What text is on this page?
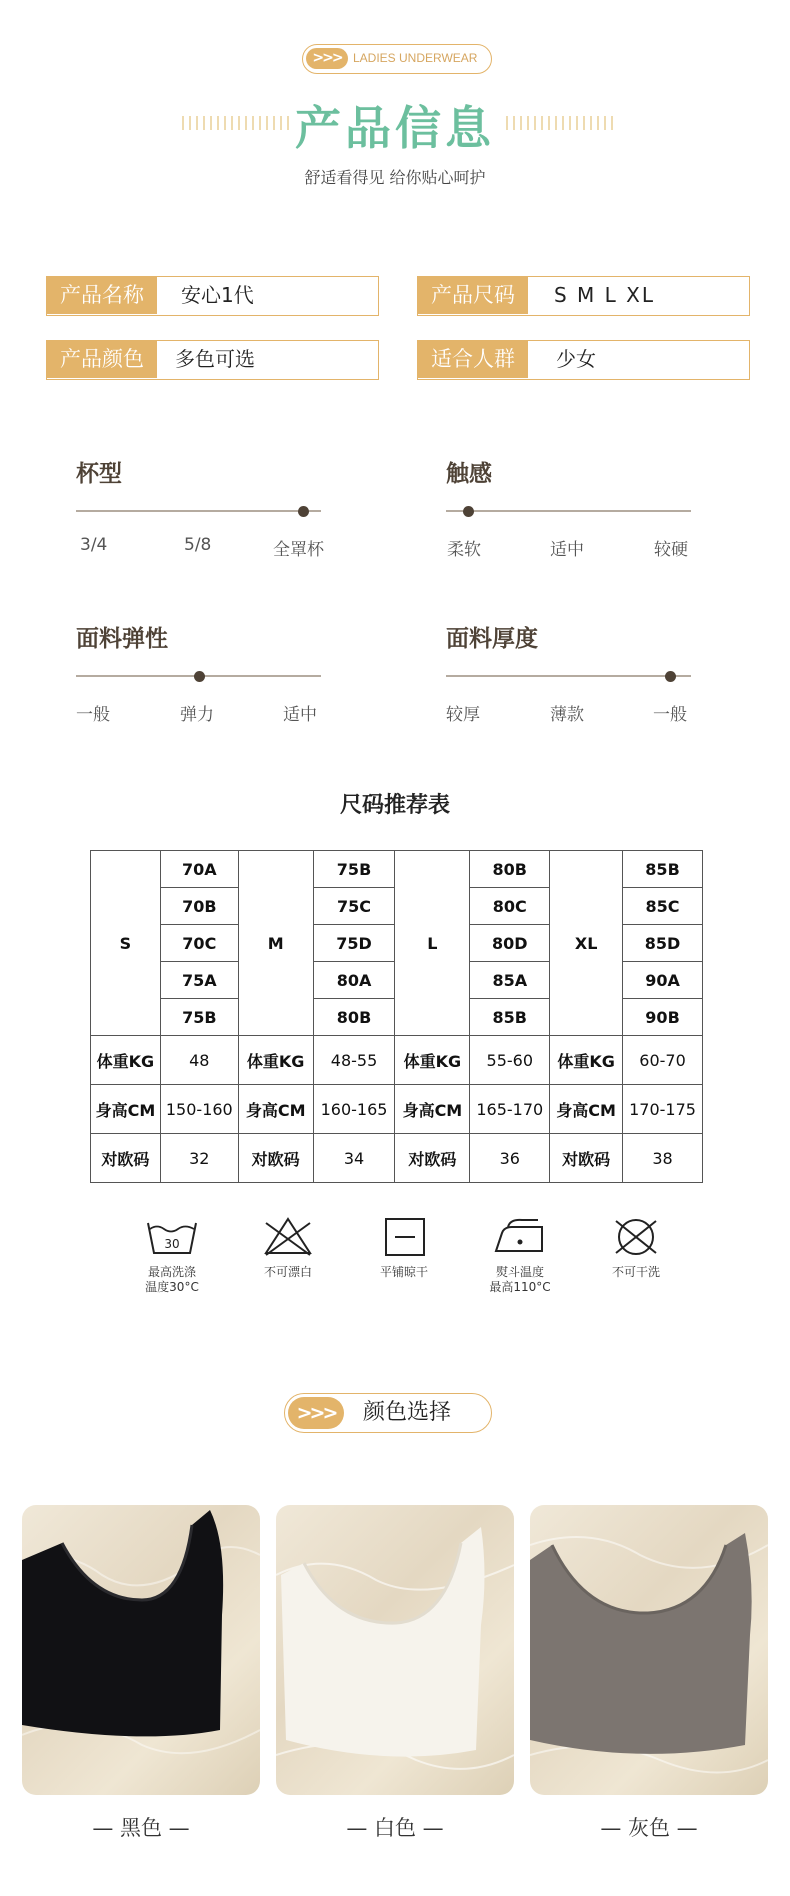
>>> LADIES UNDERWEAR
产品信息
舒适看得见 给你贴心呵护
产品名称	安心1代	产品尺码	S M L XL
产品颜色	多色可选	适合人群	少女
杯型
3/4	5/8	全罩杯
触感
柔软	适中	较硬
面料弹性
一般	弹力	适中
面料厚度
较厚	薄款	一般
尺码推荐表
S	70A	M	75B	L	80B	XL	85B
	70B		75C		80C		85C
	70C		75D		80D		85D
	75A		80A		85A		90A
	75B		80B		85B		90B
体重KG	48	体重KG	48-55	体重KG	55-60	体重KG	60-70
身高CM	150-160	身高CM	160-165	身高CM	165-170	身高CM	170-175
对欧码	32	对欧码	34	对欧码	36	对欧码	38
30
最高洗涤
温度30°C
不可漂白	平铺晾干	熨斗温度
最高110°C
不可干洗
>>>	颜色选择
— 黑色 —	— 白色 —	— 灰色 —
